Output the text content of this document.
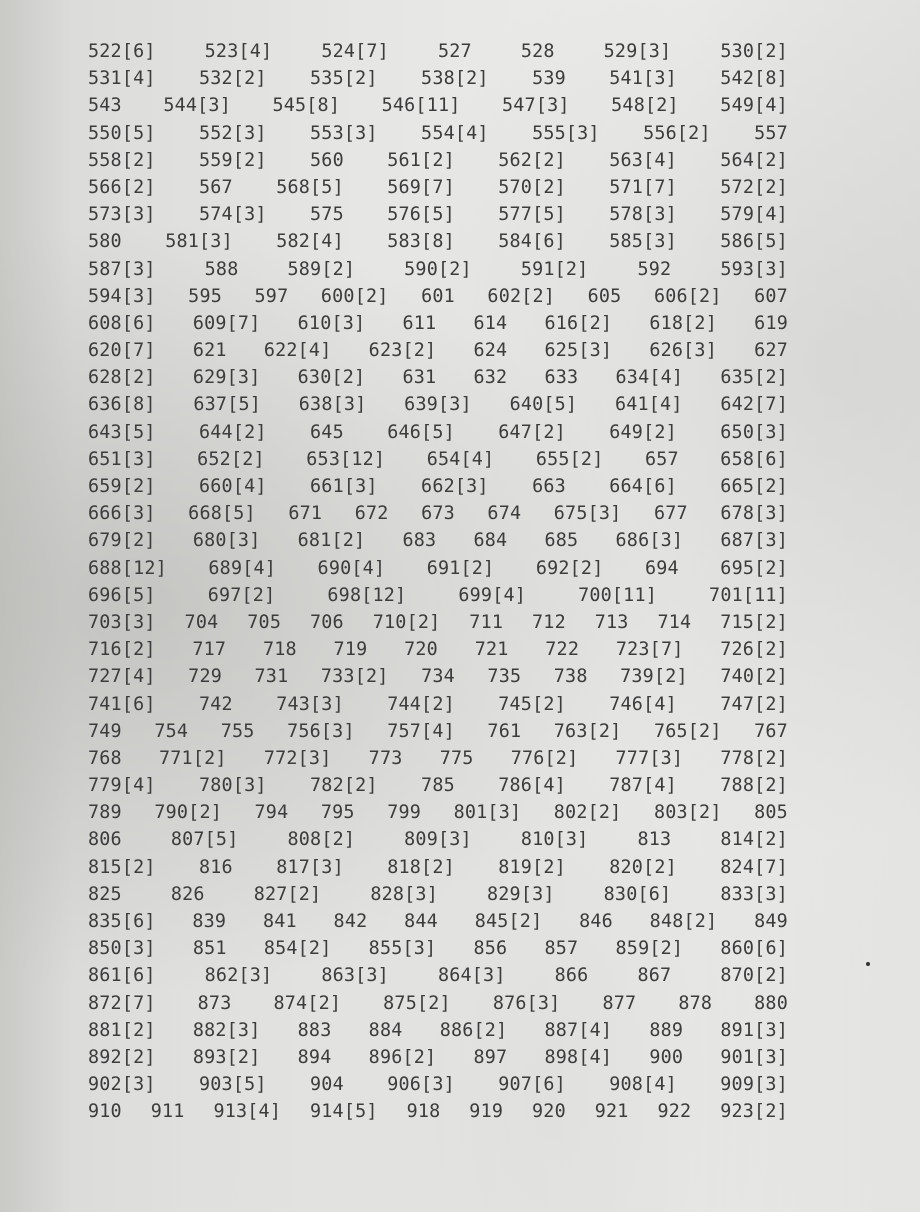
522[6]	523[4]	524[7]	527	528	529[3]	530[2]
531[4] 532[2] 535[2] 538[2] 539 541[3] 542[8]
543 544[3] 545[8] 546[11] 547[3] 548[2] 549[4]
550[5] 552[3] 553[3] 554[4] 555[3] 556[2] 557
558[2] 559[2] 560 561[2] 562[2] 563[4] 564[2]
566[2] 567 568[5] 569[7] 570[2] 571[7] 572[2]
573[3] 574[3] 575 576[5] 577[5] 578[3] 579[4]
580 581[3] 582[4] 583[8] 584[6] 585[3] 586[5]
587[3]	588	589[2]	590[2]	591[2]	592	593[3]
594[3] 595 597 600[2] 601 602[2] 605 606[2] 607
608[6] 609[7] 610[3] 611 614 616[2] 618[2] 619
620[7] 621 622[4] 623[2] 624 625[3] 626[3] 627
628[2] 629[3] 630[2] 631 632 633 634[4] 635[2]
636[8] 637[5] 638[3] 639[3] 640[5] 641[4] 642[7]
643[5] 644[2] 645 646[5] 647[2] 649[2] 650[3]
651[3] 652[2] 653[12] 654[4] 655[2] 657 658[6]
659[2] 660[4] 661[3] 662[3] 663 664[6] 665[2]
666[3] 668[5] 671 672 673 674 675[3] 677 678[3]
679[2] 680[3] 681[2] 683 684 685 686[3] 687[3]
688[12] 689[4] 690[4] 691[2] 692[2] 694 695[2]
696[5]	697[2]	698[12]	699[4]	700[11]	701[11]
703[3] 704 705 706 710[2] 711 712 713 714 715[2]
716[2] 717 718 719 720 721 722 723[7] 726[2]
727[4] 729 731 733[2] 734 735 738 739[2] 740[2]
741[6] 742 743[3] 744[2] 745[2] 746[4] 747[2]
749 754 755 756[3] 757[4] 761 763[2] 765[2] 767
768 771[2] 772[3] 773 775 776[2] 777[3] 778[2]
779[4] 780[3] 782[2] 785 786[4] 787[4] 788[2]
789 790[2] 794 795 799 801[3] 802[2] 803[2] 805
806	807[5]	808[2]	809[3]	810[3]	813	814[2]
815[2] 816 817[3] 818[2] 819[2] 820[2] 824[7]
825	826	827[2]	828[3]	829[3]	830[6]	833[3]
835[6] 839 841 842 844 845[2] 846 848[2] 849
850[3] 851 854[2] 855[3] 856 857 859[2] 860[6]
861[6]	862[3]	863[3]	864[3]	866	867	870[2]
872[7] 873 874[2] 875[2] 876[3] 877 878 880
881[2] 882[3] 883 884 886[2] 887[4] 889 891[3]
892[2] 893[2] 894 896[2] 897 898[4] 900 901[3]
902[3] 903[5] 904 906[3] 907[6] 908[4] 909[3]
910 911 913[4] 914[5] 918 919 920 921 922 923[2]
